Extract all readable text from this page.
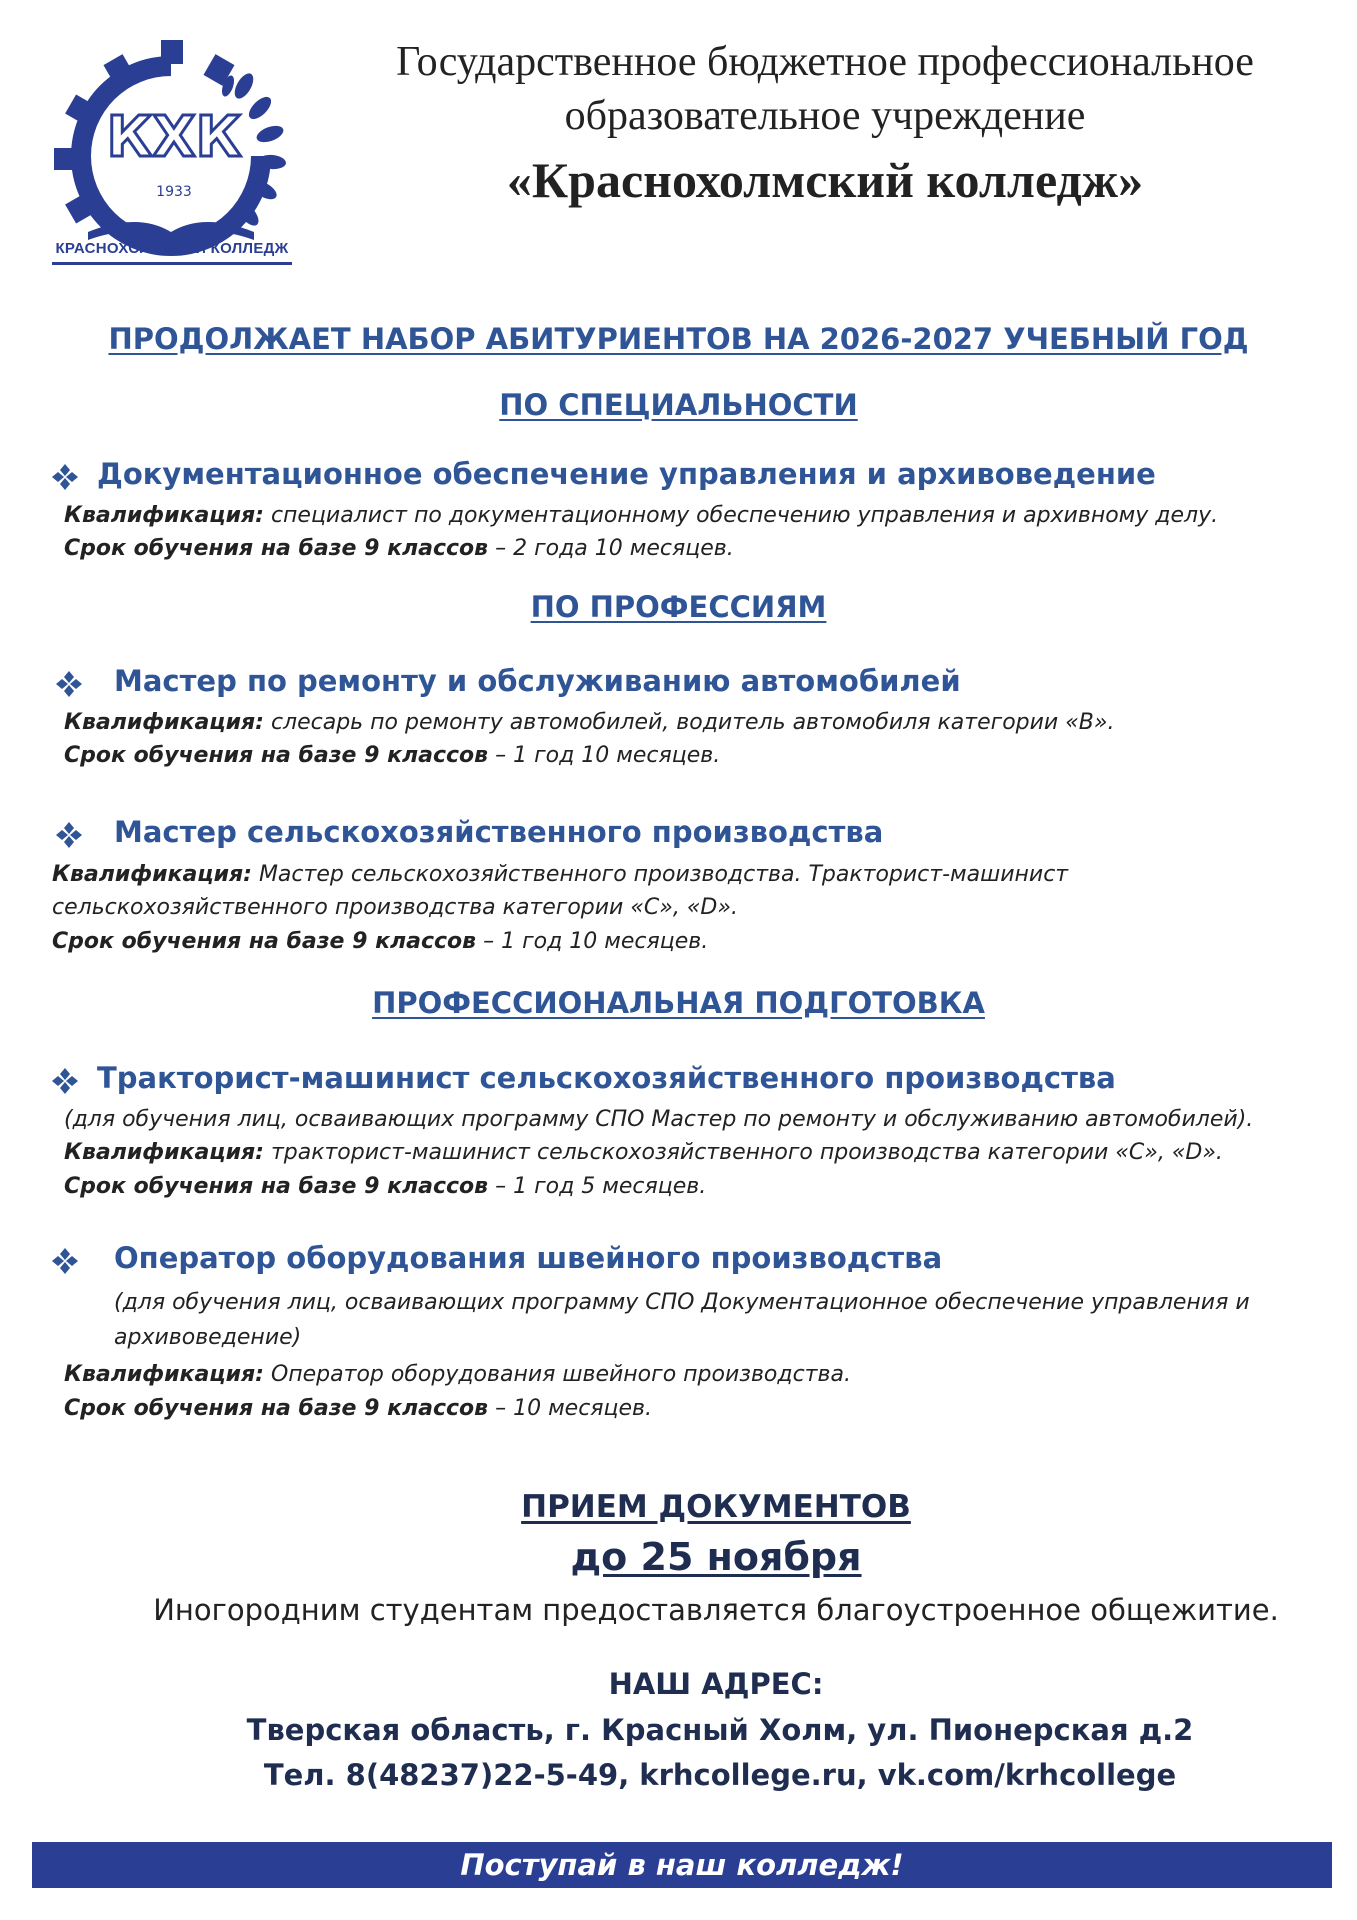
КХК
1933
КРАСНОХОЛМСКИЙ КОЛЛЕДЖ
Государственное бюджетное профессиональное
образовательное учреждение
«Краснохолмский колледж»
ПРОДОЛЖАЕТ НАБОР АБИТУРИЕНТОВ НА 2026-2027 УЧЕБНЫЙ ГОД
ПО СПЕЦИАЛЬНОСТИ
Документационное обеспечение управления и архивоведение
Квалификация: специалист по документационному обеспечению управления и архивному делу.
Срок обучения на базе 9 классов – 2 года 10 месяцев.
ПО ПРОФЕССИЯМ
Мастер по ремонту и обслуживанию автомобилей
Квалификация: слесарь по ремонту автомобилей, водитель автомобиля категории «В».
Срок обучения на базе 9 классов – 1 год 10 месяцев.
Мастер сельскохозяйственного производства
Квалификация: Мастер сельскохозяйственного производства. Тракторист-машинист
сельскохозяйственного производства категории «С», «D».
Срок обучения на базе 9 классов – 1 год 10 месяцев.
ПРОФЕССИОНАЛЬНАЯ ПОДГОТОВКА
Тракторист-машинист сельскохозяйственного производства
(для обучения лиц, осваивающих программу СПО Мастер по ремонту и обслуживанию автомобилей).
Квалификация: тракторист-машинист сельскохозяйственного производства категории «С», «D».
Срок обучения на базе 9 классов – 1 год 5 месяцев.
Оператор оборудования швейного производства
(для обучения лиц, осваивающих программу СПО Документационное обеспечение управления и
архивоведение)
Квалификация: Оператор оборудования швейного производства.
Срок обучения на базе 9 классов – 10 месяцев.
ПРИЕМ ДОКУМЕНТОВ
до 25 ноября
Иногородним студентам предоставляется благоустроенное общежитие.
НАШ АДРЕС:
Тверская область, г. Красный Холм, ул. Пионерская д.2
Тел. 8(48237)22-5-49, krhcollege.ru, vk.com/krhcollege
Поступай в наш колледж!
